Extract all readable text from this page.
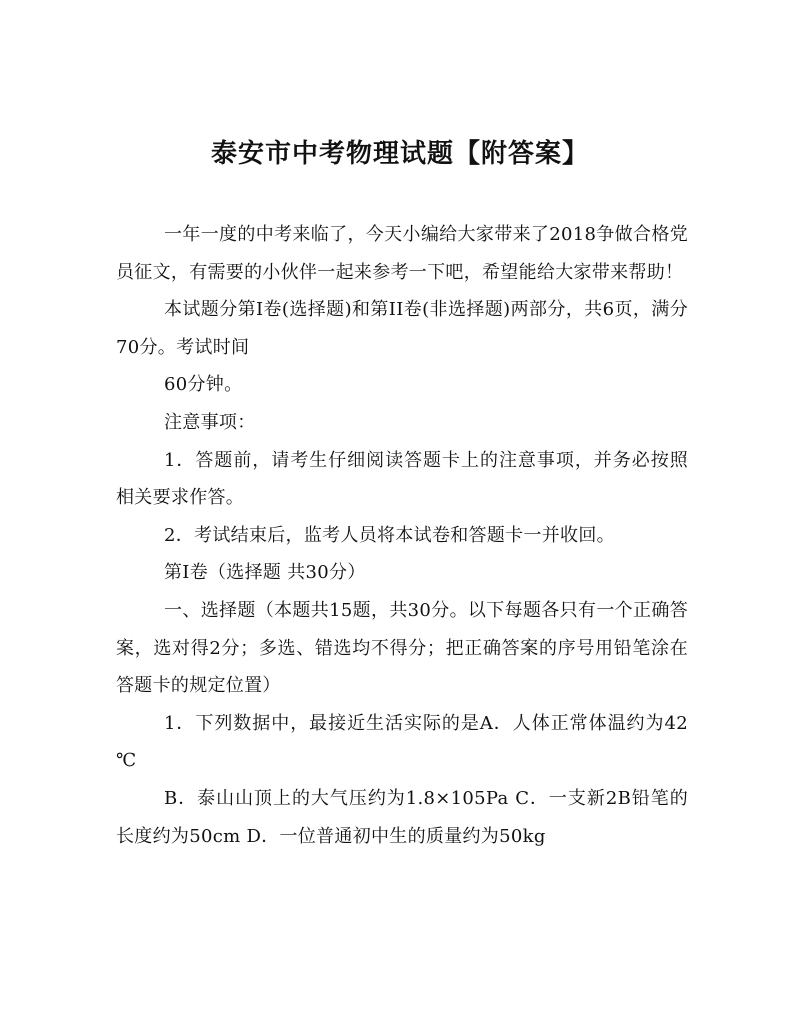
泰安市中考物理试题【附答案】

一年一度的中考来临了，今天小编给大家带来了2018争做合格党员征文，有需要的小伙伴一起来参考一下吧，希望能给大家带来帮助！

本试题分第I卷(选择题)和第II卷(非选择题)两部分，共6页，满分70分。考试时间

60分钟。

注意事项：

1．答题前，请考生仔细阅读答题卡上的注意事项，并务必按照相关要求作答。

2．考试结束后，监考人员将本试卷和答题卡一并收回。

第I卷（选择题 共30分）

一、选择题（本题共15题，共30分。以下每题各只有一个正确答案，选对得2分；多选、错选均不得分；把正确答案的序号用铅笔涂在答题卡的规定位置）

1．下列数据中，最接近生活实际的是A．人体正常体温约为42 ℃

B．泰山山顶上的大气压约为1.8×105Pa C．一支新2B铅笔的长度约为50cm D．一位普通初中生的质量约为50kg
